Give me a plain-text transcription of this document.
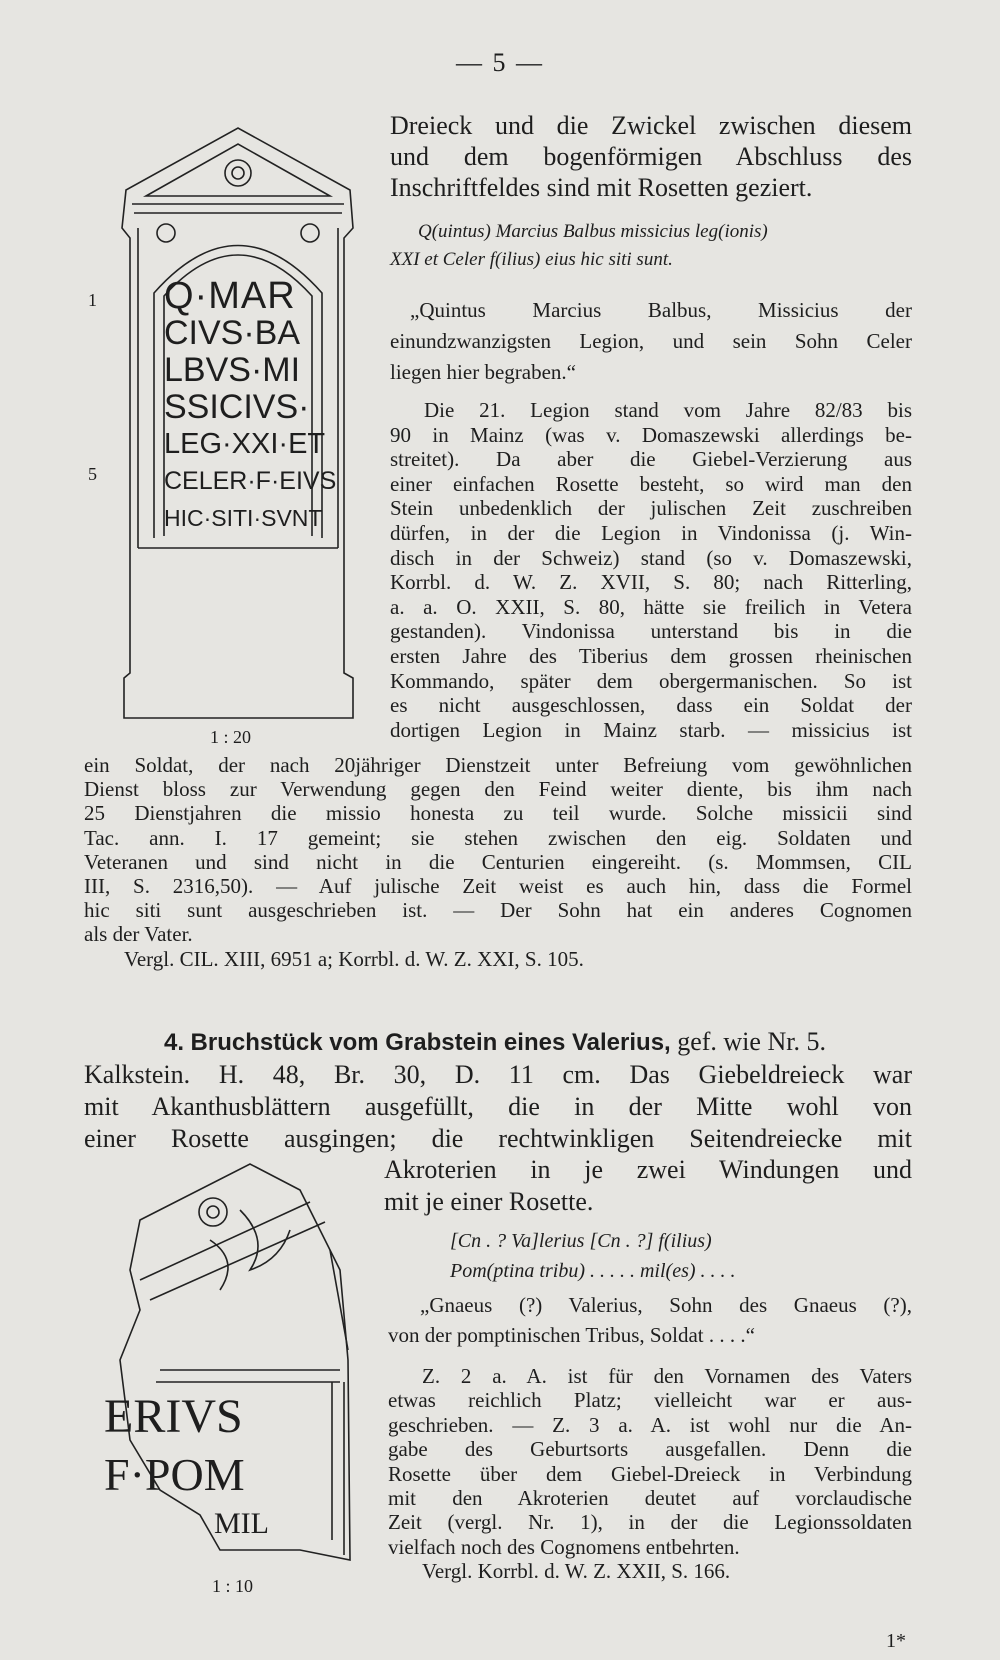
— 5 —
Q·MAR
CIVS·BA
LBVS·MI
SSICIVS·
LEG·XXI·ET
CELER·F·EIVS
HIC·SITI·SVNT
1
5
1 : 20
Dreieck und die Zwickel zwischen diesem
und dem bogenförmigen Abschluss des
Inschriftfeldes sind mit Rosetten geziert.
Q(uintus) Marcius Balbus missicius leg(ionis)
XXI et Celer f(ilius) eius hic siti sunt.
„Quintus Marcius Balbus, Missicius der
einundzwanzigsten Legion, und sein Sohn Celer
liegen hier begraben.“
Die 21. Legion stand vom Jahre 82/83 bis
90 in Mainz (was v. Domaszewski allerdings be-
streitet). Da aber die Giebel-Verzierung aus
einer einfachen Rosette besteht, so wird man den
Stein unbedenklich der julischen Zeit zuschreiben
dürfen, in der die Legion in Vindonissa (j. Win-
disch in der Schweiz) stand (so v. Domaszewski,
Korrbl. d. W. Z. XVII, S. 80; nach Ritterling,
a. a. O. XXII, S. 80, hätte sie freilich in Vetera
gestanden). Vindonissa unterstand bis in die
ersten Jahre des Tiberius dem grossen rheinischen
Kommando, später dem obergermanischen. So ist
es nicht ausgeschlossen, dass ein Soldat der
dortigen Legion in Mainz starb. — missicius ist
ein Soldat, der nach 20jähriger Dienstzeit unter Befreiung vom gewöhnlichen
Dienst bloss zur Verwendung gegen den Feind weiter diente, bis ihm nach
25 Dienstjahren die missio honesta zu teil wurde. Solche missicii sind
Tac. ann. I. 17 gemeint; sie stehen zwischen den eig. Soldaten und
Veteranen und sind nicht in die Centurien eingereiht. (s. Mommsen, CIL
III, S. 2316,50). — Auf julische Zeit weist es auch hin, dass die Formel
hic siti sunt ausgeschrieben ist. — Der Sohn hat ein anderes Cognomen
als der Vater.
Vergl. CIL. XIII, 6951 a; Korrbl. d. W. Z. XXI, S. 105.
4. Bruchstück vom Grabstein eines Valerius, gef. wie Nr. 5.
Kalkstein. H. 48, Br. 30, D. 11 cm. Das Giebeldreieck war
mit Akanthusblättern ausgefüllt, die in der Mitte wohl von
einer Rosette ausgingen; die rechtwinkligen Seitendreiecke mit
Akroterien in je zwei Windungen und
mit je einer Rosette.
ERIVS
F·POM
MIL
1 : 10
[Cn . ? Va]lerius [Cn . ?] f(ilius)
Pom(ptina tribu) . . . . . mil(es) . . . .
„Gnaeus (?) Valerius, Sohn des Gnaeus (?),
von der pomptinischen Tribus, Soldat . . . .“
Z. 2 a. A. ist für den Vornamen des Vaters
etwas reichlich Platz; vielleicht war er aus-
geschrieben. — Z. 3 a. A. ist wohl nur die An-
gabe des Geburtsorts ausgefallen. Denn die
Rosette über dem Giebel-Dreieck in Verbindung
mit den Akroterien deutet auf vorclaudische
Zeit (vergl. Nr. 1), in der die Legionssoldaten
vielfach noch des Cognomens entbehrten.
Vergl. Korrbl. d. W. Z. XXII, S. 166.
1*
